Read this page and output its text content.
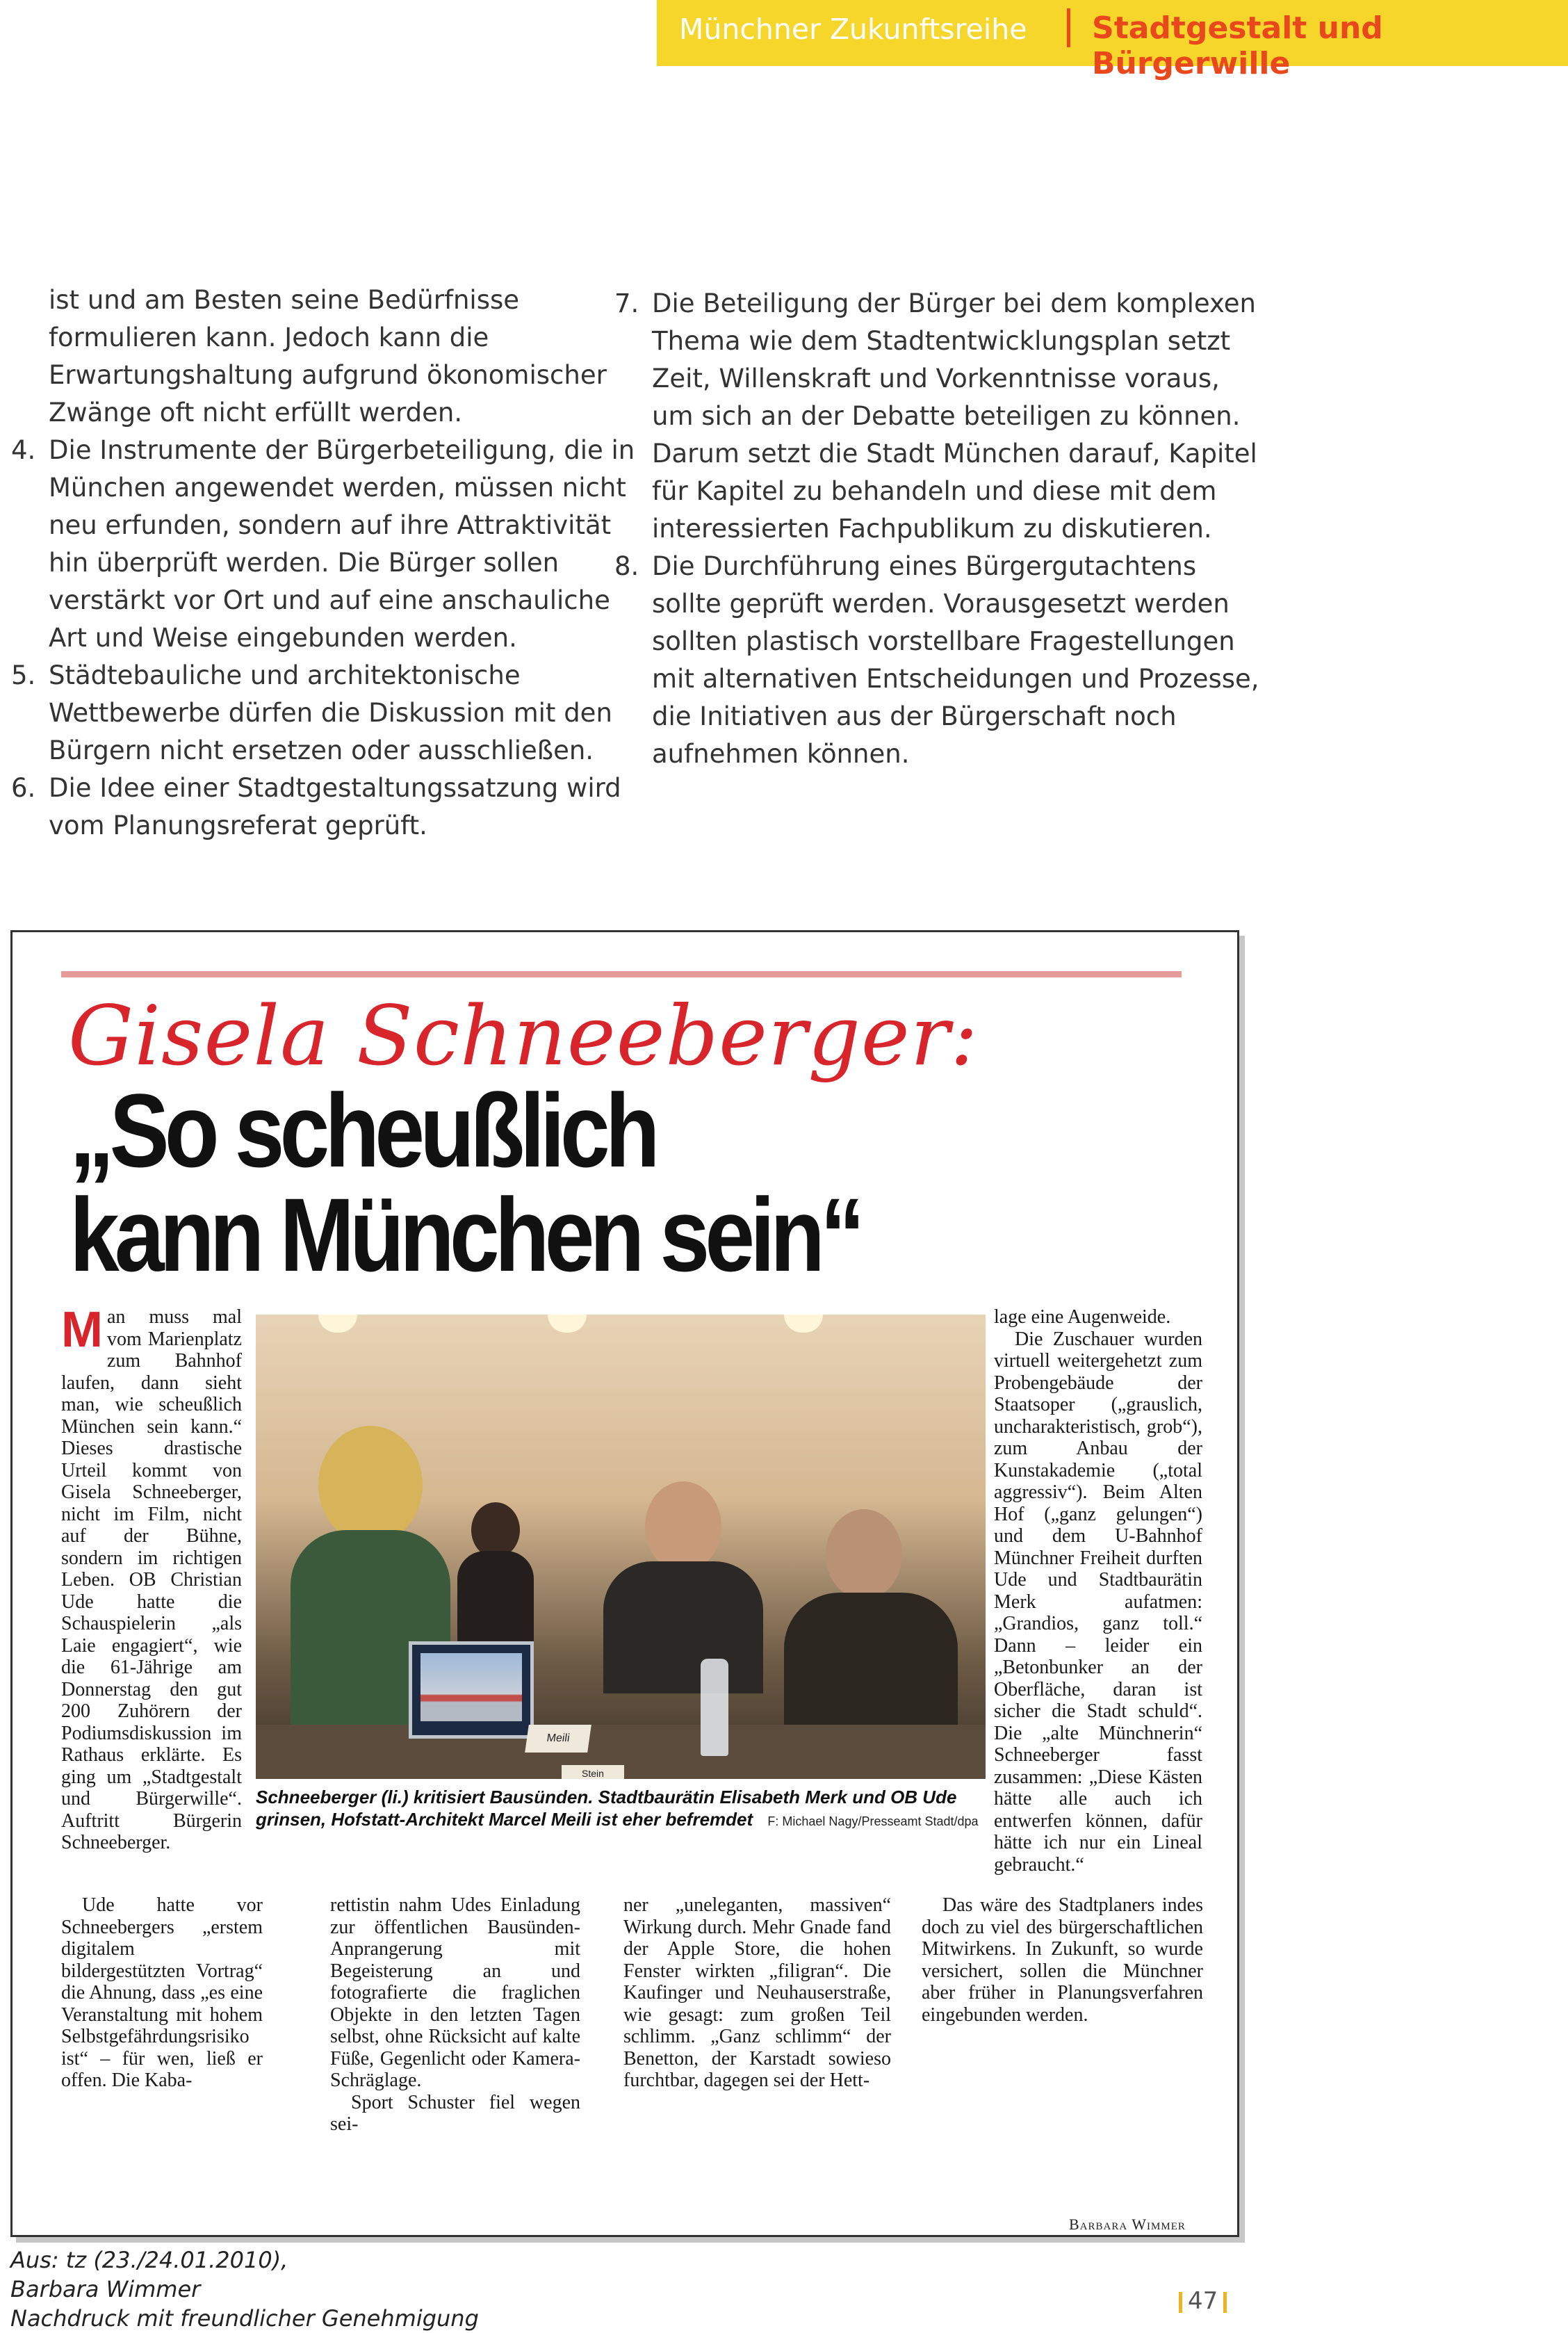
Münchner Zukunftsreihe Stadtgestalt und Bürgerwille

ist und am Besten seine Bedürfnisse formulieren kann. Jedoch kann die Erwartungshaltung aufgrund ökonomischer Zwänge oft nicht erfüllt werden.

4. Die Instrumente der Bürgerbeteiligung, die in München angewendet werden, müssen nicht neu erfunden, sondern auf ihre Attraktivität hin überprüft werden. Die Bürger sollen verstärkt vor Ort und auf eine anschauliche Art und Weise eingebunden werden.

5. Städtebauliche und architektonische Wettbewerbe dürfen die Diskussion mit den Bürgern nicht ersetzen oder ausschließen.

6. Die Idee einer Stadtgestaltungssatzung wird vom Planungsreferat geprüft.

7. Die Beteiligung der Bürger bei dem komplexen Thema wie dem Stadtentwicklungsplan setzt Zeit, Willenskraft und Vorkenntnisse voraus, um sich an der Debatte beteiligen zu können. Darum setzt die Stadt München darauf, Kapitel für Kapitel zu behandeln und diese mit dem interessierten Fachpublikum zu diskutieren.

8. Die Durchführung eines Bürgergutachtens sollte geprüft werden. Vorausgesetzt werden sollten plastisch vorstellbare Fragestellungen mit alternativen Entscheidungen und Prozesse, die Initiativen aus der Bürgerschaft noch aufnehmen können.

Gisela Schneeberger:
„So scheußlich
kann München sein“
M an muss mal vom Marienplatz zum Bahnhof laufen, dann sieht man, wie scheußlich München sein kann.“ Dieses drastische Urteil kommt von Gisela Schneeberger, nicht im Film, nicht auf der Bühne, sondern im richtigen Leben. OB Christian Ude hatte die Schauspielerin „als Laie engagiert“, wie die 61-Jährige am Donnerstag den gut 200 Zuhörern der Podiumsdiskussion im Rathaus erklärte. Es ging um „Stadtgestalt und Bürgerwille“. Auftritt Bürgerin Schneeberger.
Meili
Stein
Schneeberger (li.) kritisiert Bausünden. Stadtbaurätin Elisabeth Merk und OB Ude grinsen, Hofstatt-Architekt Marcel Meili ist eher befremdet F: Michael Nagy/Presseamt Stadt/dpa

lage eine Augenweide.

Die Zuschauer wurden virtuell weitergehetzt zum Probengebäude der Staatsoper („grauslich, uncharakteristisch, grob“), zum Anbau der Kunstakademie („total aggressiv“). Beim Alten Hof („ganz gelungen“) und dem U-Bahnhof Münchner Freiheit durften Ude und Stadtbaurätin Merk aufatmen: „Grandios, ganz toll.“ Dann – leider ein „Betonbunker an der Oberfläche, daran ist sicher die Stadt schuld“. Die „alte Münchnerin“ Schneeberger fasst zusammen: „Diese Kästen hätte alle auch ich entwerfen können, dafür hätte ich nur ein Lineal gebraucht.“

Ude hatte vor Schneebergers „erstem digitalem bildergestützten Vortrag“ die Ahnung, dass „es eine Veranstaltung mit hohem Selbstgefährdungsrisiko ist“ – für wen, ließ er offen. Die Kaba-

rettistin nahm Udes Einladung zur öffentlichen Bausünden-Anprangerung mit Begeisterung an und fotografierte die fraglichen Objekte in den letzten Tagen selbst, ohne Rücksicht auf kalte Füße, Gegenlicht oder Kamera-Schräglage.

Sport Schuster fiel wegen sei-

ner „uneleganten, massiven“ Wirkung durch. Mehr Gnade fand der Apple Store, die hohen Fenster wirkten „filigran“. Die Kaufinger und Neuhauserstraße, wie gesagt: zum großen Teil schlimm. „Ganz schlimm“ der Benetton, der Karstadt sowieso furchtbar, dagegen sei der Hett-

Das wäre des Stadtplaners indes doch zu viel des bürgerschaftlichen Mitwirkens. In Zukunft, so wurde versichert, sollen die Münchner aber früher in Planungsverfahren eingebunden werden.

Barbara Wimmer

Aus: tz (23./24.01.2010),

Barbara Wimmer

Nachdruck mit freundlicher Genehmigung

47
